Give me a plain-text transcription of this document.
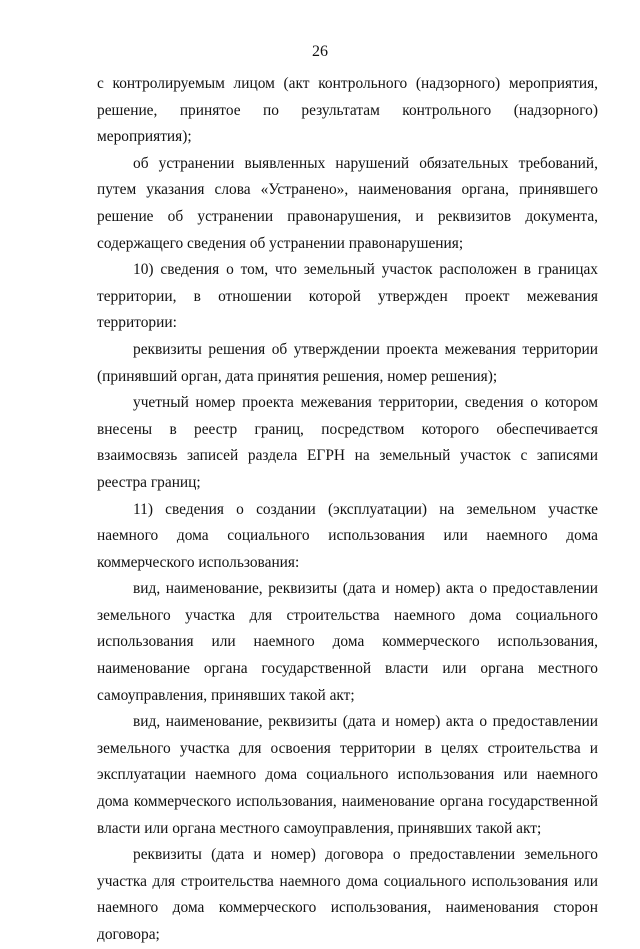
26

с контролируемым лицом (акт контрольного (надзорного) мероприятия, решение, принятое по результатам контрольного (надзорного) мероприятия);

об устранении выявленных нарушений обязательных требований, путем указания слова «Устранено», наименования органа, принявшего решение об устранении правонарушения, и реквизитов документа, содержащего сведения об устранении правонарушения;

10) сведения о том, что земельный участок расположен в границах территории, в отношении которой утвержден проект межевания территории:

реквизиты решения об утверждении проекта межевания территории (принявший орган, дата принятия решения, номер решения);

учетный номер проекта межевания территории, сведения о котором внесены в реестр границ, посредством которого обеспечивается взаимосвязь записей раздела ЕГРН на земельный участок с записями реестра границ;

11) сведения о создании (эксплуатации) на земельном участке наемного дома социального использования или наемного дома коммерческого использования:

вид, наименование, реквизиты (дата и номер) акта о предоставлении земельного участка для строительства наемного дома социального использования или наемного дома коммерческого использования, наименование органа государственной власти или органа местного самоуправления, принявших такой акт;

вид, наименование, реквизиты (дата и номер) акта о предоставлении земельного участка для освоения территории в целях строительства и эксплуатации наемного дома социального использования или наемного дома коммерческого использования, наименование органа государственной власти или органа местного самоуправления, принявших такой акт;

реквизиты (дата и номер) договора о предоставлении земельного участка для строительства наемного дома социального использования или наемного дома коммерческого использования, наименования сторон договора;
